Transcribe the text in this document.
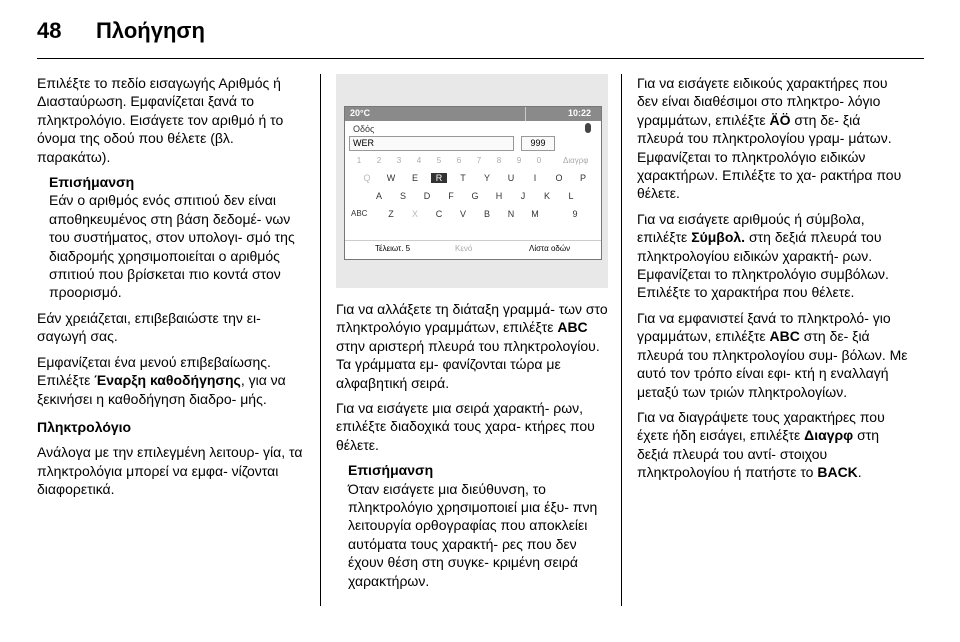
48 Πλοήγηση

Επιλέξτε το πεδίο εισαγωγής Αριθμός ή Διασταύρωση. Εμφανίζεται ξανά το πληκτρολόγιο. Εισάγετε τον αριθμό ή το όνομα της οδού που θέλετε (βλ. παρακάτω).

Επισήμανση
Εάν ο αριθμός ενός σπιτιού δεν είναι αποθηκευμένος στη βάση δεδομέ‑ νων του συστήματος, στον υπολογι‑ σμό της διαδρομής χρησιμοποιείται ο αριθμός σπιτιού που βρίσκεται πιο κοντά στον προορισμό.

Εάν χρειάζεται, επιβεβαιώστε την ει‑ σαγωγή σας.

Εμφανίζεται ένα μενού επιβεβαίωσης. Επιλέξτε Έναρξη καθοδήγησης, για να ξεκινήσει η καθοδήγηση διαδρο‑ μής.

Πληκτρολόγιο

Ανάλογα με την επιλεγμένη λειτουρ‑ γία, τα πληκτρολόγια μπορεί να εμφα‑ νίζονται διαφορετικά.

20°C	10:22
Οδός
WER	999
1	2	3	4	5	6	7	8	9	0	Διαγρφ
Q	W	E	R	T	Y	U	I	O	P
A	S	D	F	G	H	J	K	L
ABC	Z	X	C	V	B	N	M	9
Τέλειωτ. 5	Κενό	Λίστα οδών

Για να αλλάξετε τη διάταξη γραμμά‑ των στο πληκτρολόγιο γραμμάτων, επιλέξτε ABC στην αριστερή πλευρά του πληκτρολογίου. Τα γράμματα εμ‑ φανίζονται τώρα με αλφαβητική σειρά.

Για να εισάγετε μια σειρά χαρακτή‑ ρων, επιλέξτε διαδοχικά τους χαρα‑ κτήρες που θέλετε.

Επισήμανση
Όταν εισάγετε μια διεύθυνση, το πληκτρολόγιο χρησιμοποιεί μια έξυ‑ πνη λειτουργία ορθογραφίας που αποκλείει αυτόματα τους χαρακτή‑ ρες που δεν έχουν θέση στη συγκε‑ κριμένη σειρά χαρακτήρων.

Για να εισάγετε ειδικούς χαρακτήρες που δεν είναι διαθέσιμοι στο πληκτρο‑ λόγιο γραμμάτων, επιλέξτε ÄÖ στη δε‑ ξιά πλευρά του πληκτρολογίου γραμ‑ μάτων. Εμφανίζεται το πληκτρολόγιο ειδικών χαρακτήρων. Επιλέξτε το χα‑ ρακτήρα που θέλετε.

Για να εισάγετε αριθμούς ή σύμβολα, επιλέξτε Σύμβολ. στη δεξιά πλευρά του πληκτρολογίου ειδικών χαρακτή‑ ρων. Εμφανίζεται το πληκτρολόγιο συμβόλων. Επιλέξτε το χαρακτήρα που θέλετε.

Για να εμφανιστεί ξανά το πληκτρολό‑ γιο γραμμάτων, επιλέξτε ABC στη δε‑ ξιά πλευρά του πληκτρολογίου συμ‑ βόλων. Με αυτό τον τρόπο είναι εφι‑ κτή η εναλλαγή μεταξύ των τριών πληκτρολογίων.

Για να διαγράψετε τους χαρακτήρες που έχετε ήδη εισάγει, επιλέξτε Διαγρφ στη δεξιά πλευρά του αντί‑ στοιχου πληκτρολογίου ή πατήστε το BACK.
